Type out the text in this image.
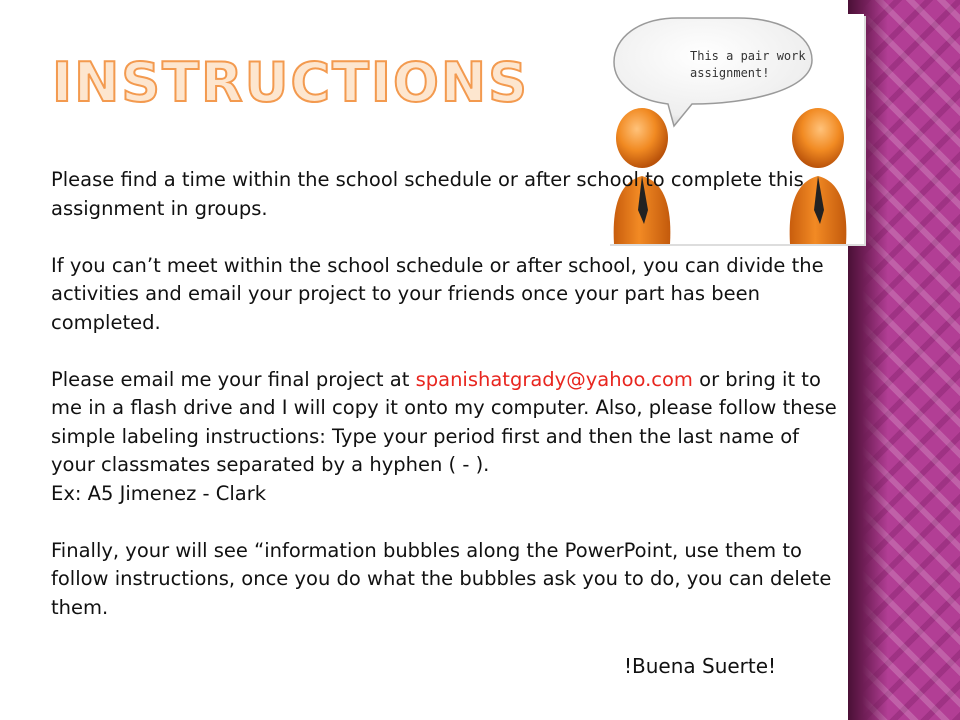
INSTRUCTIONS	This a pair work assignment!

Please find a time within the school schedule or after school to complete this assignment in groups.

If you can’t meet within the school schedule or after school, you can divide the activities and email your project to your friends once your part has been completed.

Please email me your final project at spanishatgrady@yahoo.com or bring it to me in a flash drive and I will copy it onto my computer. Also, please follow these simple labeling instructions: Type your period first and then the last name of your classmates separated by a hyphen ( - ).

Ex: A5 Jimenez - Clark

Finally, your will see “information bubbles along the PowerPoint, use them to follow instructions, once you do what the bubbles ask you to do, you can delete them.

!Buena Suerte!
